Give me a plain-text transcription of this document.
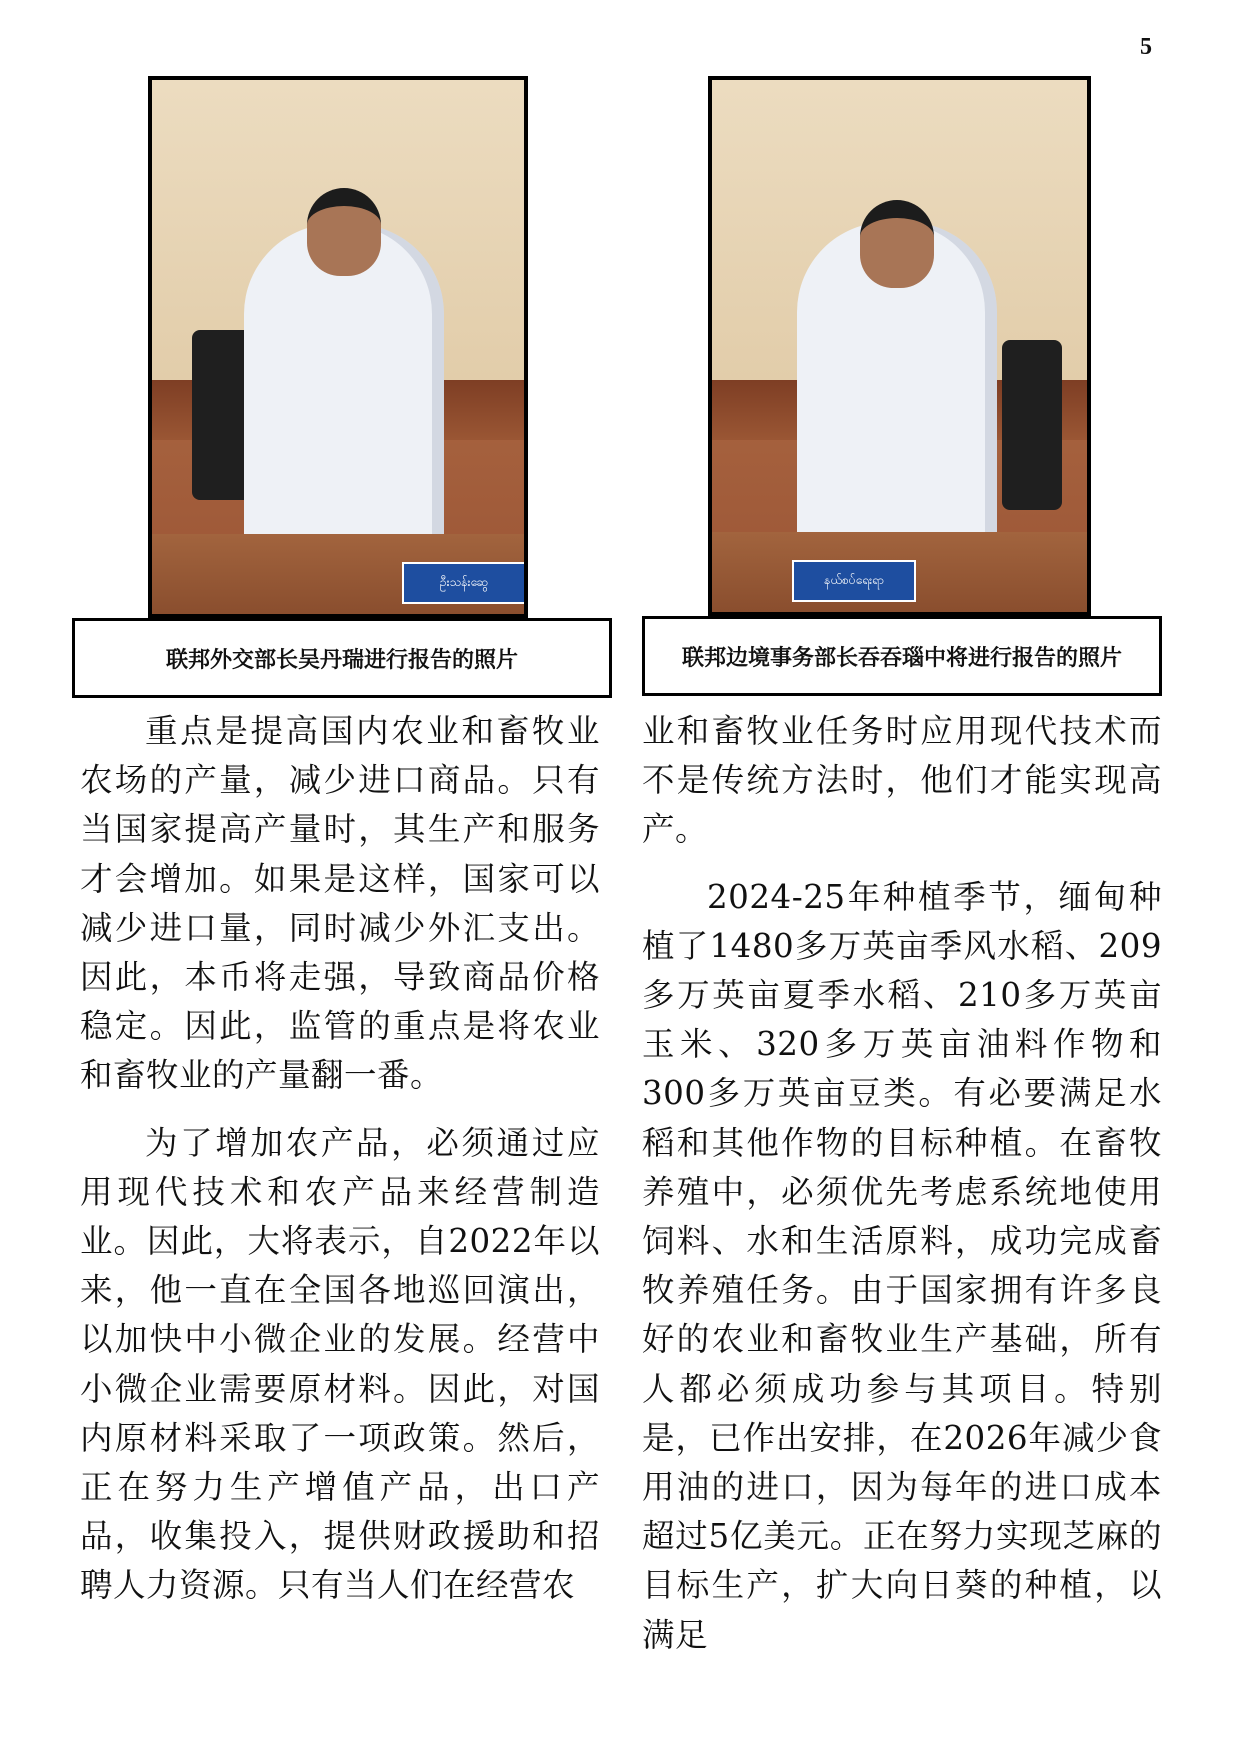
5
ဦးသန်းဆွေ
联邦外交部长吴丹瑞进行报告的照片
နယ်စပ်ရေးရာ
联邦边境事务部长吞吞瑙中将进行报告的照片

重点是提高国内农业和畜牧业农场的产量，减少进口商品。只有当国家提高产量时，其生产和服务才会增加。如果是这样，国家可以减少进口量，同时减少外汇支出。因此，本币将走强，导致商品价格稳定。因此，监管的重点是将农业和畜牧业的产量翻一番。

为了增加农产品，必须通过应用现代技术和农产品来经营制造业。因此，大将表示，自2022年以来，他一直在全国各地巡回演出，以加快中小微企业的发展。经营中小微企业需要原材料。因此，对国内原材料采取了一项政策。然后，正在努力生产增值产品，出口产品，收集投入，提供财政援助和招聘人力资源。只有当人们在经营农

业和畜牧业任务时应用现代技术而不是传统方法时，他们才能实现高产。

2024-25年种植季节，缅甸种植了1480多万英亩季风水稻、209多万英亩夏季水稻、210多万英亩玉米、320多万英亩油料作物和300多万英亩豆类。有必要满足水稻和其他作物的目标种植。在畜牧养殖中，必须优先考虑系统地使用饲料、水和生活原料，成功完成畜牧养殖任务。由于国家拥有许多良好的农业和畜牧业生产基础，所有人都必须成功参与其项目。特别是，已作出安排，在2026年减少食用油的进口，因为每年的进口成本超过5亿美元。正在努力实现芝麻的目标生产，扩大向日葵的种植，以满足
